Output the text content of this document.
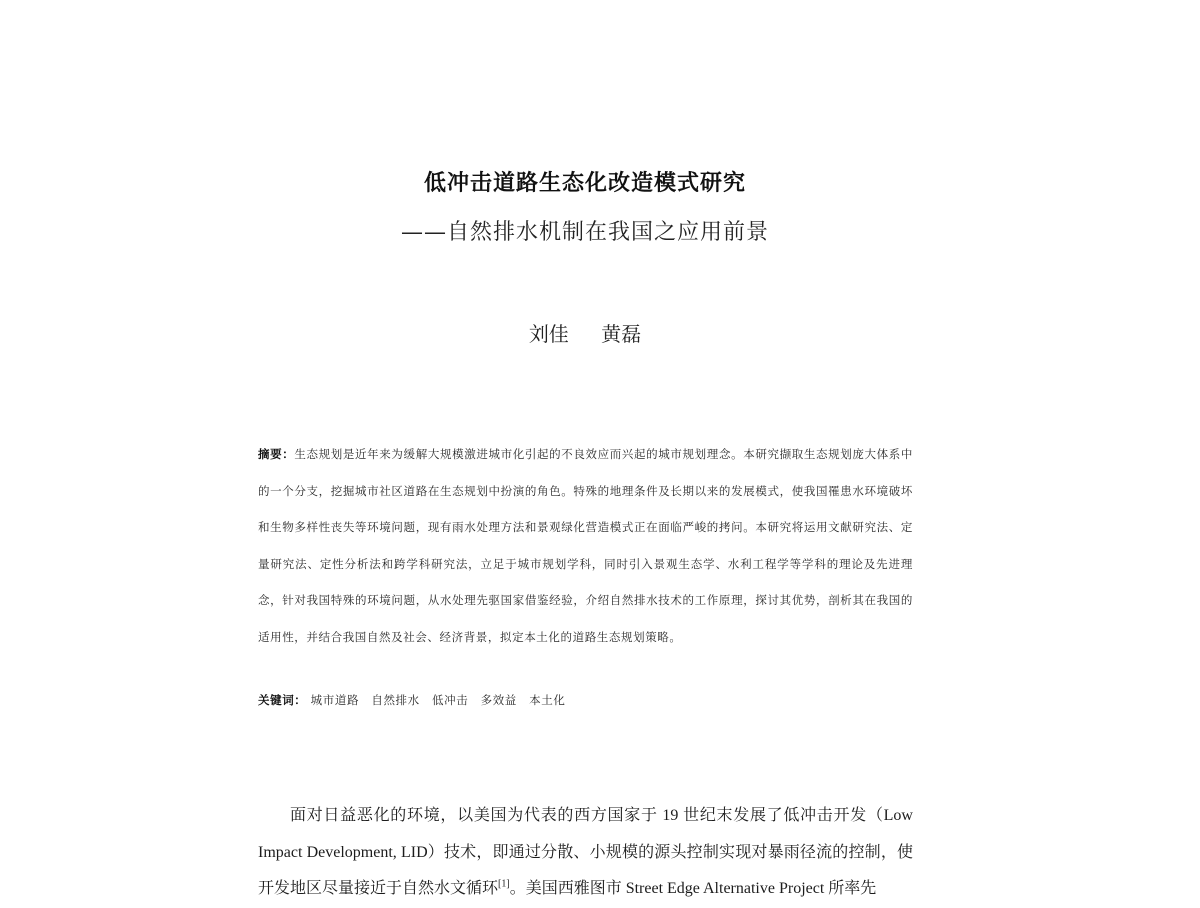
低冲击道路生态化改造模式研究
——自然排水机制在我国之应用前景
刘佳 黄磊
摘要：生态规划是近年来为缓解大规模激进城市化引起的不良效应而兴起的城市规划理念。本研究撷取生态规划庞大体系中的一个分支，挖掘城市社区道路在生态规划中扮演的角色。特殊的地理条件及长期以来的发展模式，使我国罹患水环境破坏和生物多样性丧失等环境问题，现有雨水处理方法和景观绿化营造模式正在面临严峻的拷问。本研究将运用文献研究法、定量研究法、定性分析法和跨学科研究法，立足于城市规划学科，同时引入景观生态学、水利工程学等学科的理论及先进理念，针对我国特殊的环境问题，从水处理先驱国家借鉴经验，介绍自然排水技术的工作原理，探讨其优势，剖析其在我国的适用性，并结合我国自然及社会、经济背景，拟定本土化的道路生态规划策略。
关键词： 城市道路 自然排水 低冲击 多效益 本土化
面对日益恶化的环境，以美国为代表的西方国家于 19 世纪末发展了低冲击开发（Low Impact Development, LID）技术，即通过分散、小规模的源头控制实现对暴雨径流的控制，使开发地区尽量接近于自然水文循环[1]。美国西雅图市 Street Edge Alternative Project 所率先
